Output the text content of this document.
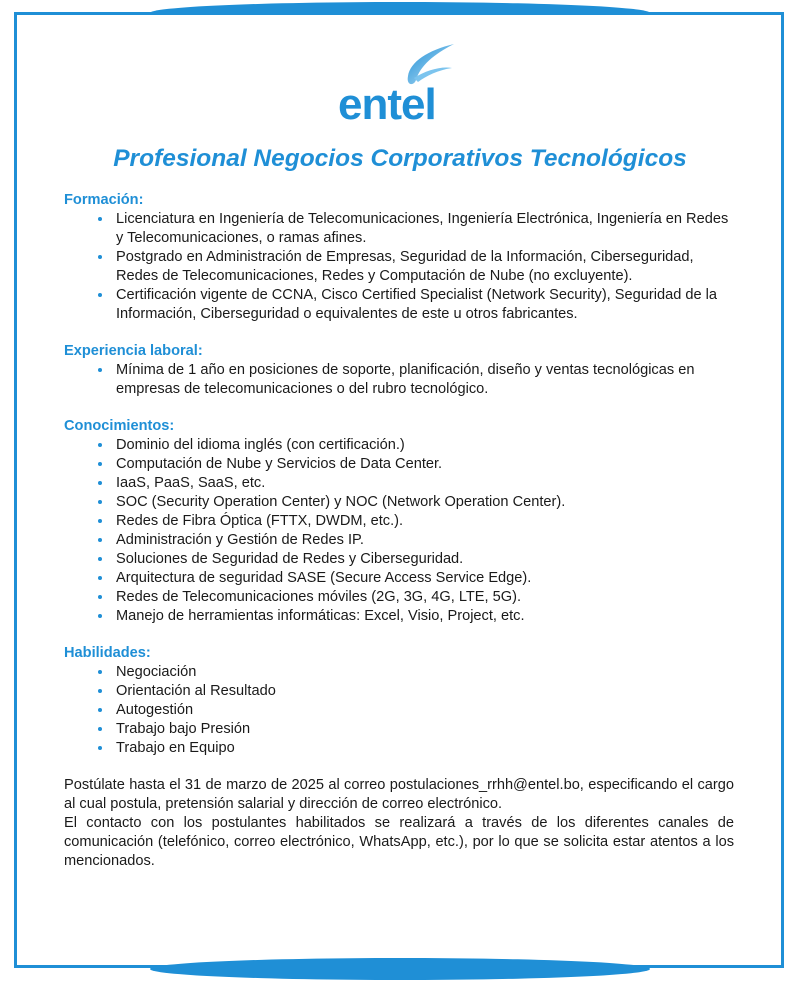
entel
Profesional Negocios Corporativos Tecnológicos

Formación:

Licenciatura en Ingeniería de Telecomunicaciones, Ingeniería Electrónica, Ingeniería en Redes y Telecomunicaciones, o ramas afines.
Postgrado en Administración de Empresas, Seguridad de la Información, Ciberseguridad, Redes de Telecomunicaciones, Redes y Computación de Nube (no excluyente).
Certificación vigente de CCNA, Cisco Certified Specialist (Network Security), Seguridad de la Información, Ciberseguridad o equivalentes de este u otros fabricantes.

Experiencia laboral:

Mínima de 1 año en posiciones de soporte, planificación, diseño y ventas tecnológicas en empresas de telecomunicaciones o del rubro tecnológico.

Conocimientos:

Dominio del idioma inglés (con certificación.)
Computación de Nube y Servicios de Data Center.
IaaS, PaaS, SaaS, etc.
SOC (Security Operation Center) y NOC (Network Operation Center).
Redes de Fibra Óptica (FTTX, DWDM, etc.).
Administración y Gestión de Redes IP.
Soluciones de Seguridad de Redes y Ciberseguridad.
Arquitectura de seguridad SASE (Secure Access Service Edge).
Redes de Telecomunicaciones móviles (2G, 3G, 4G, LTE, 5G).
Manejo de herramientas informáticas: Excel, Visio, Project, etc.

Habilidades:

Negociación
Orientación al Resultado
Autogestión
Trabajo bajo Presión
Trabajo en Equipo

Postúlate hasta el 31 de marzo de 2025 al correo postulaciones_rrhh@entel.bo, especificando el cargo al cual postula, pretensión salarial y dirección de correo electrónico.

El contacto con los postulantes habilitados se realizará a través de los diferentes canales de comunicación (telefónico, correo electrónico, WhatsApp, etc.), por lo que se solicita estar atentos a los mencionados.
